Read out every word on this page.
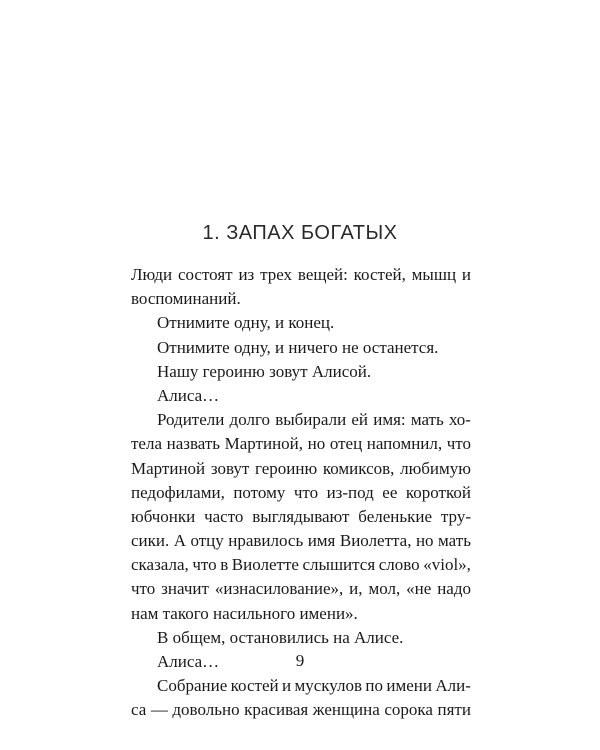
1. ЗАПАХ БОГАТЫХ
Люди состоят из трех вещей: костей, мышц и
воспоминаний.
Отнимите одну, и конец.
Отнимите одну, и ничего не останется.
Нашу героиню зовут Алисой.
Алиса…
Родители долго выбирали ей имя: мать хо-
тела назвать Мартиной, но отец напомнил, что
Мартиной зовут героиню комиксов, любимую
педофилами, потому что из-под ее короткой
юбчонки часто выглядывают беленькие тру-
сики. А отцу нравилось имя Виолетта, но мать
сказала, что в Виолетте слышится слово «viol»,
что значит «изнасилование», и, мол, «не надо
нам такого насильного имени».
В общем, остановились на Алисе.
Алиса…
Собрание костей и мускулов по имени Али-
са — довольно красивая женщина сорока пяти
9
